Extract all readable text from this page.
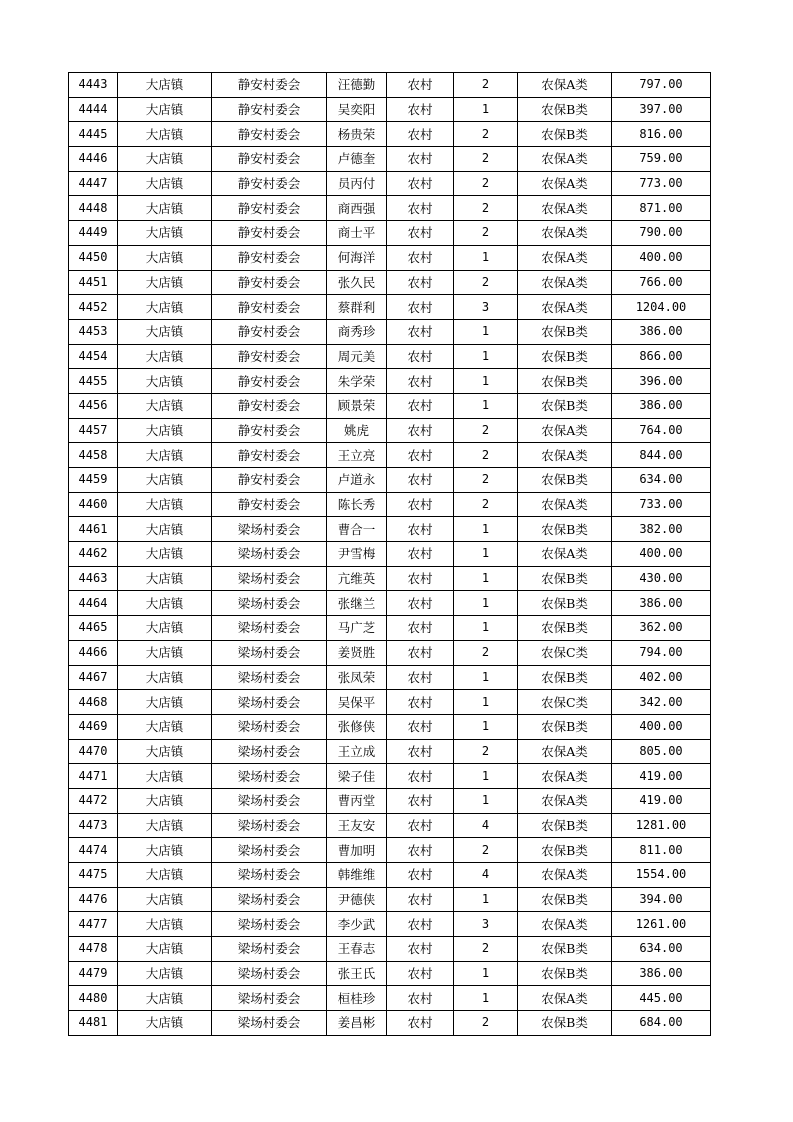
4443	大店镇	静安村委会	汪德勤	农村	2	农保A类	797.00
4444	大店镇	静安村委会	吴奕阳	农村	1	农保B类	397.00
4445	大店镇	静安村委会	杨贵荣	农村	2	农保B类	816.00
4446	大店镇	静安村委会	卢德奎	农村	2	农保A类	759.00
4447	大店镇	静安村委会	员丙付	农村	2	农保A类	773.00
4448	大店镇	静安村委会	商西强	农村	2	农保A类	871.00
4449	大店镇	静安村委会	商士平	农村	2	农保A类	790.00
4450	大店镇	静安村委会	何海洋	农村	1	农保A类	400.00
4451	大店镇	静安村委会	张久民	农村	2	农保A类	766.00
4452	大店镇	静安村委会	蔡群利	农村	3	农保A类	1204.00
4453	大店镇	静安村委会	商秀珍	农村	1	农保B类	386.00
4454	大店镇	静安村委会	周元美	农村	1	农保B类	866.00
4455	大店镇	静安村委会	朱学荣	农村	1	农保B类	396.00
4456	大店镇	静安村委会	顾景荣	农村	1	农保B类	386.00
4457	大店镇	静安村委会	姚虎	农村	2	农保A类	764.00
4458	大店镇	静安村委会	王立亮	农村	2	农保A类	844.00
4459	大店镇	静安村委会	卢道永	农村	2	农保B类	634.00
4460	大店镇	静安村委会	陈长秀	农村	2	农保A类	733.00
4461	大店镇	梁场村委会	曹合一	农村	1	农保B类	382.00
4462	大店镇	梁场村委会	尹雪梅	农村	1	农保A类	400.00
4463	大店镇	梁场村委会	亢维英	农村	1	农保B类	430.00
4464	大店镇	梁场村委会	张继兰	农村	1	农保B类	386.00
4465	大店镇	梁场村委会	马广芝	农村	1	农保B类	362.00
4466	大店镇	梁场村委会	姜贤胜	农村	2	农保C类	794.00
4467	大店镇	梁场村委会	张凤荣	农村	1	农保B类	402.00
4468	大店镇	梁场村委会	吴保平	农村	1	农保C类	342.00
4469	大店镇	梁场村委会	张修侠	农村	1	农保B类	400.00
4470	大店镇	梁场村委会	王立成	农村	2	农保A类	805.00
4471	大店镇	梁场村委会	梁子佳	农村	1	农保A类	419.00
4472	大店镇	梁场村委会	曹丙堂	农村	1	农保A类	419.00
4473	大店镇	梁场村委会	王友安	农村	4	农保B类	1281.00
4474	大店镇	梁场村委会	曹加明	农村	2	农保B类	811.00
4475	大店镇	梁场村委会	韩维维	农村	4	农保A类	1554.00
4476	大店镇	梁场村委会	尹德侠	农村	1	农保B类	394.00
4477	大店镇	梁场村委会	李少武	农村	3	农保A类	1261.00
4478	大店镇	梁场村委会	王春志	农村	2	农保B类	634.00
4479	大店镇	梁场村委会	张王氏	农村	1	农保B类	386.00
4480	大店镇	梁场村委会	桓桂珍	农村	1	农保A类	445.00
4481	大店镇	梁场村委会	姜昌彬	农村	2	农保B类	684.00
